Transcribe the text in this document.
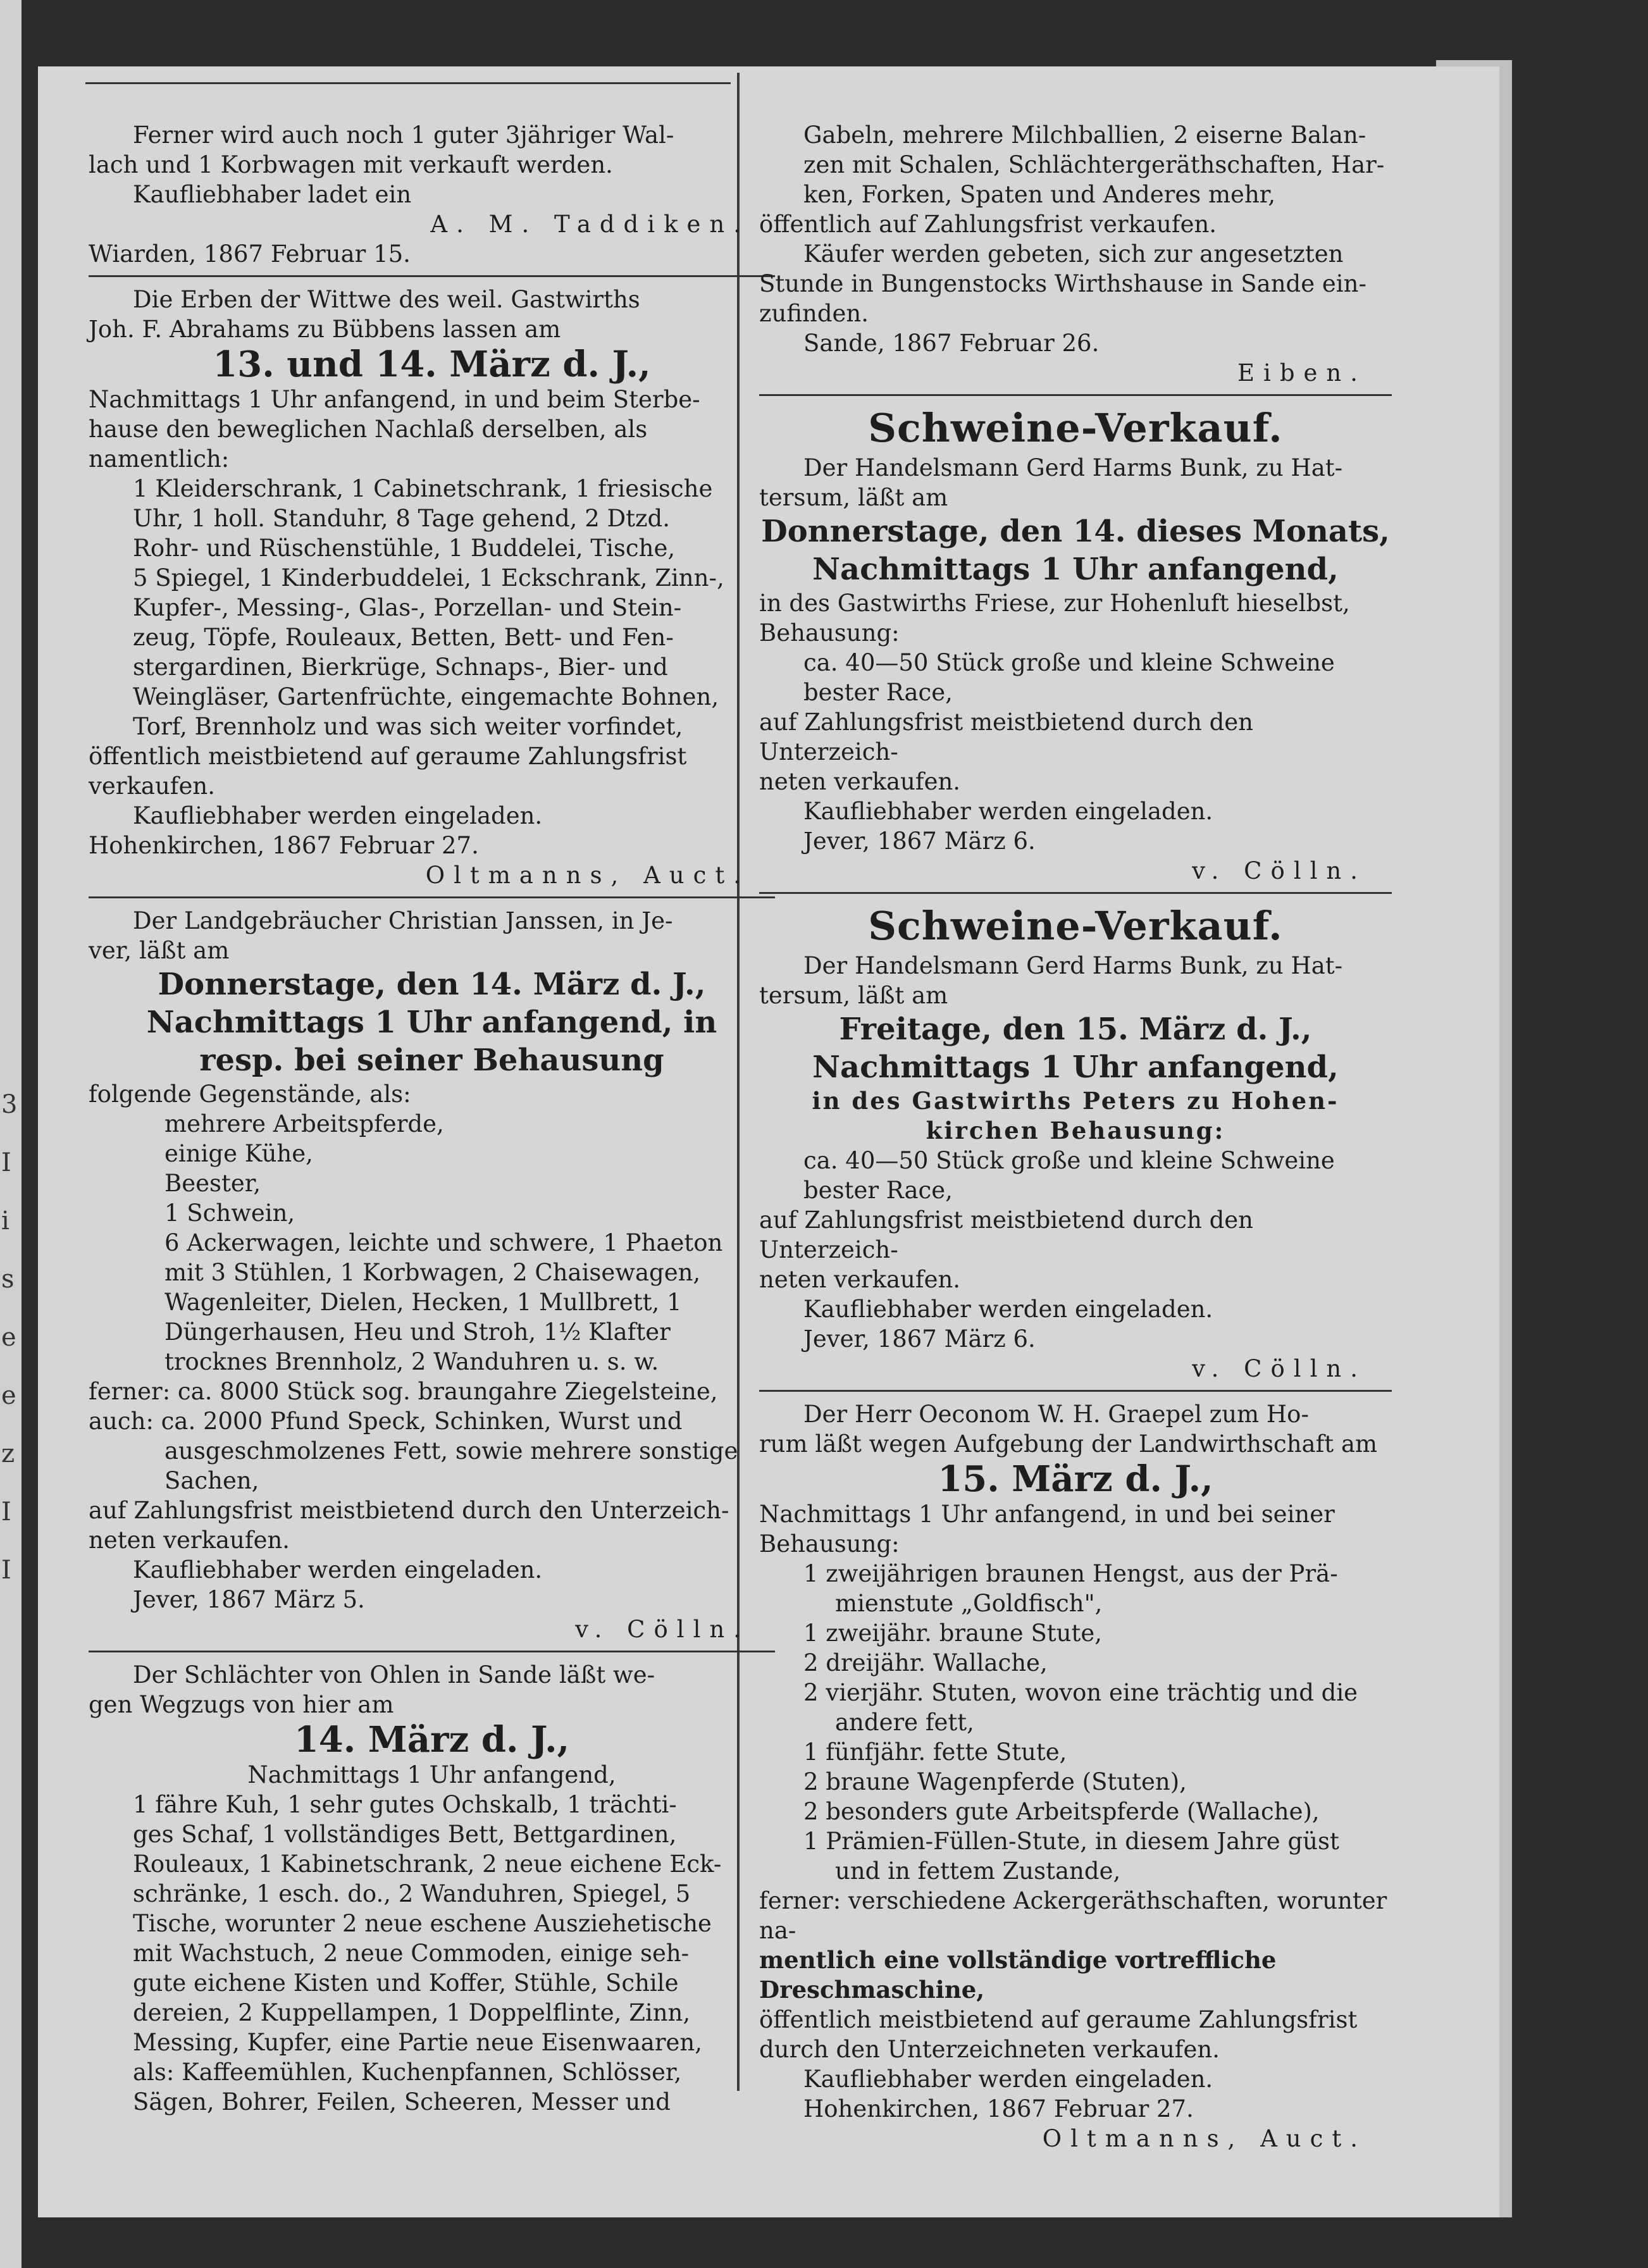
3
I
i
s
e
e
z
I
I

Ferner wird auch noch 1 guter 3jähriger Wal-

lach und 1 Korbwagen mit verkauft werden.

Kaufliebhaber ladet ein

A. M. Taddiken.

Wiarden, 1867 Februar 15.

Die Erben der Wittwe des weil. Gastwirths

Joh. F. Abrahams zu Bübbens lassen am

13. und 14. März d. J.,

Nachmittags 1 Uhr anfangend, in und beim Sterbe-

hause den beweglichen Nachlaß derselben, als namentlich:

1 Kleiderschrank, 1 Cabinetschrank, 1 friesische

Uhr, 1 holl. Standuhr, 8 Tage gehend, 2 Dtzd.

Rohr- und Rüschenstühle, 1 Buddelei, Tische,

5 Spiegel, 1 Kinderbuddelei, 1 Eckschrank, Zinn-,

Kupfer-, Messing-, Glas-, Porzellan- und Stein-

zeug, Töpfe, Rouleaux, Betten, Bett- und Fen-

stergardinen, Bierkrüge, Schnaps-, Bier- und

Weingläser, Gartenfrüchte, eingemachte Bohnen,

Torf, Brennholz und was sich weiter vorfindet,

öffentlich meistbietend auf geraume Zahlungsfrist

verkaufen.

Kaufliebhaber werden eingeladen.

Hohenkirchen, 1867 Februar 27.

Oltmanns, Auct.

Der Landgebräucher Christian Janssen, in Je-

ver, läßt am

Donnerstage, den 14. März d. J.,

Nachmittags 1 Uhr anfangend, in

resp. bei seiner Behausung

folgende Gegenstände, als:

mehrere Arbeitspferde,

einige Kühe,

Beester,

1 Schwein,

6 Ackerwagen, leichte und schwere, 1 Phaeton

mit 3 Stühlen, 1 Korbwagen, 2 Chaisewagen,

Wagenleiter, Dielen, Hecken, 1 Mullbrett, 1

Düngerhausen, Heu und Stroh, 1½ Klafter

trocknes Brennholz, 2 Wanduhren u. s. w.

ferner: ca. 8000 Stück sog. braungahre Ziegelsteine,

auch: ca. 2000 Pfund Speck, Schinken, Wurst und

ausgeschmolzenes Fett, sowie mehrere sonstige

Sachen,

auf Zahlungsfrist meistbietend durch den Unterzeich-

neten verkaufen.

Kaufliebhaber werden eingeladen.

Jever, 1867 März 5.

v. Cölln.

Der Schlächter von Ohlen in Sande läßt we-

gen Wegzugs von hier am

14. März d. J.,

Nachmittags 1 Uhr anfangend,

1 fähre Kuh, 1 sehr gutes Ochskalb, 1 trächti-

ges Schaf, 1 vollständiges Bett, Bettgardinen,

Rouleaux, 1 Kabinetschrank, 2 neue eichene Eck-

schränke, 1 esch. do., 2 Wanduhren, Spiegel, 5

Tische, worunter 2 neue eschene Ausziehetische

mit Wachstuch, 2 neue Commoden, einige seh-

gute eichene Kisten und Koffer, Stühle, Schile

dereien, 2 Kuppellampen, 1 Doppelflinte, Zinn,

Messing, Kupfer, eine Partie neue Eisenwaaren,

als: Kaffeemühlen, Kuchenpfannen, Schlösser,

Sägen, Bohrer, Feilen, Scheeren, Messer und

Gabeln, mehrere Milchballien, 2 eiserne Balan-

zen mit Schalen, Schlächtergeräthschaften, Har-

ken, Forken, Spaten und Anderes mehr,

öffentlich auf Zahlungsfrist verkaufen.

Käufer werden gebeten, sich zur angesetzten

Stunde in Bungenstocks Wirthshause in Sande ein-

zufinden.

Sande, 1867 Februar 26.

Eiben.

Schweine-Verkauf.

Der Handelsmann Gerd Harms Bunk, zu Hat-

tersum, läßt am

Donnerstage, den 14. dieses Monats,

Nachmittags 1 Uhr anfangend,

in des Gastwirths Friese, zur Hohenluft hieselbst,

Behausung:

ca. 40—50 Stück große und kleine Schweine

bester Race,

auf Zahlungsfrist meistbietend durch den Unterzeich-

neten verkaufen.

Kaufliebhaber werden eingeladen.

Jever, 1867 März 6.

v. Cölln.

Schweine-Verkauf.

Der Handelsmann Gerd Harms Bunk, zu Hat-

tersum, läßt am

Freitage, den 15. März d. J.,

Nachmittags 1 Uhr anfangend,

in des Gastwirths Peters zu Hohen-

kirchen Behausung:

ca. 40—50 Stück große und kleine Schweine

bester Race,

auf Zahlungsfrist meistbietend durch den Unterzeich-

neten verkaufen.

Kaufliebhaber werden eingeladen.

Jever, 1867 März 6.

v. Cölln.

Der Herr Oeconom W. H. Graepel zum Ho-

rum läßt wegen Aufgebung der Landwirthschaft am

15. März d. J.,

Nachmittags 1 Uhr anfangend, in und bei seiner

Behausung:

1 zweijährigen braunen Hengst, aus der Prä-

mienstute „Goldfisch",

1 zweijähr. braune Stute,

2 dreijähr. Wallache,

2 vierjähr. Stuten, wovon eine trächtig und die

andere fett,

1 fünfjähr. fette Stute,

2 braune Wagenpferde (Stuten),

2 besonders gute Arbeitspferde (Wallache),

1 Prämien-Füllen-Stute, in diesem Jahre güst

und in fettem Zustande,

ferner: verschiedene Ackergeräthschaften, worunter na-

mentlich eine vollständige vortreffliche

Dreschmaschine,

öffentlich meistbietend auf geraume Zahlungsfrist

durch den Unterzeichneten verkaufen.

Kaufliebhaber werden eingeladen.

Hohenkirchen, 1867 Februar 27.

Oltmanns, Auct.
